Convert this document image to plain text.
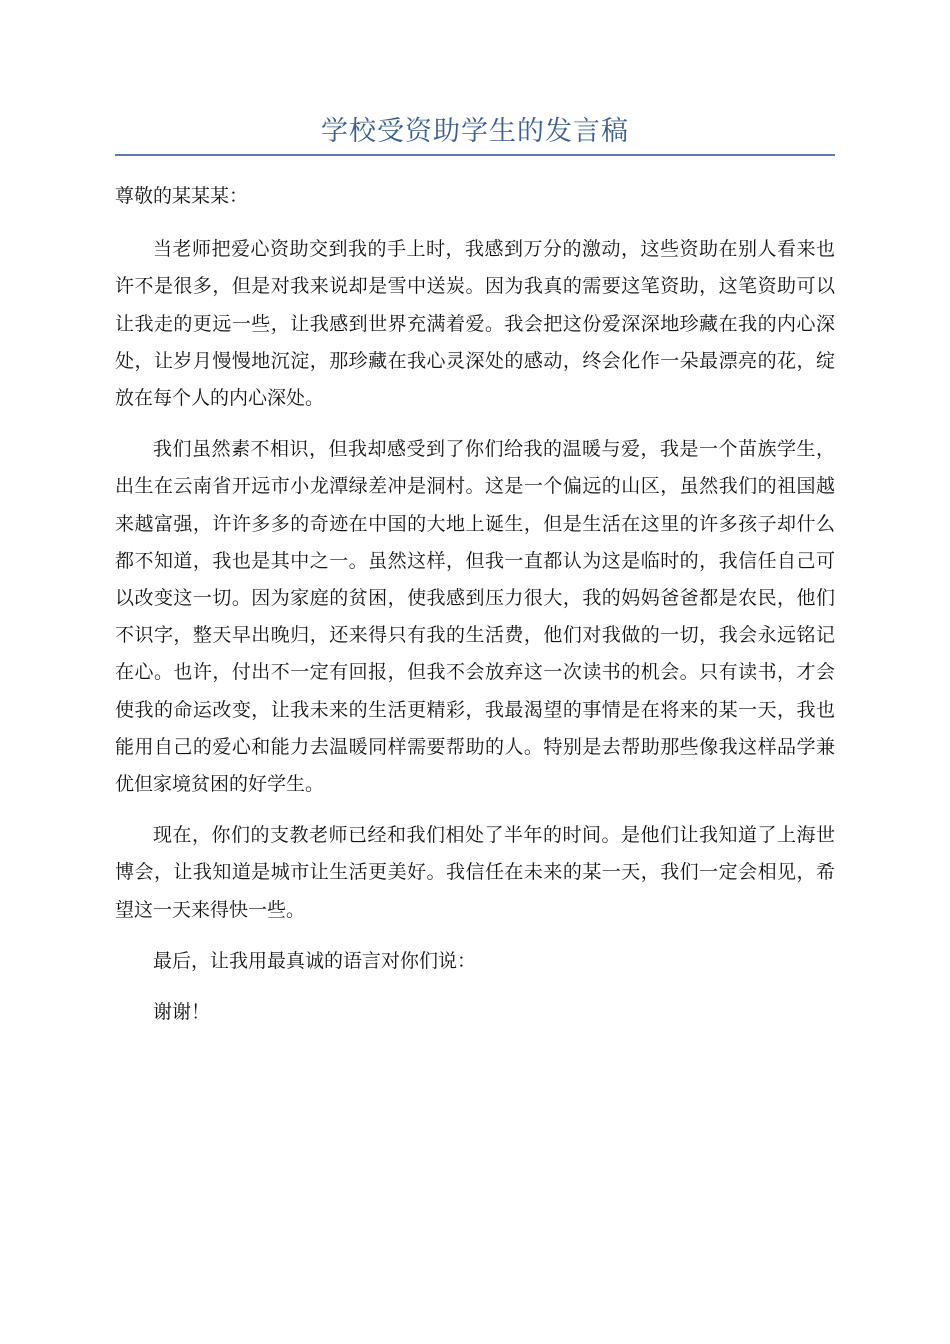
学校受资助学生的发言稿

尊敬的某某某：

当老师把爱心资助交到我的手上时，我感到万分的激动，这些资助在别人看来也许不是很多，但是对我来说却是雪中送炭。因为我真的需要这笔资助，这笔资助可以让我走的更远一些，让我感到世界充满着爱。我会把这份爱深深地珍藏在我的内心深处，让岁月慢慢地沉淀，那珍藏在我心灵深处的感动，终会化作一朵最漂亮的花，绽放在每个人的内心深处。

我们虽然素不相识，但我却感受到了你们给我的温暖与爱，我是一个苗族学生，出生在云南省开远市小龙潭绿差冲是洞村。这是一个偏远的山区，虽然我们的祖国越来越富强，许许多多的奇迹在中国的大地上诞生，但是生活在这里的许多孩子却什么都不知道，我也是其中之一。虽然这样，但我一直都认为这是临时的，我信任自己可以改变这一切。因为家庭的贫困，使我感到压力很大，我的妈妈爸爸都是农民，他们不识字，整天早出晚归，还来得只有我的生活费，他们对我做的一切，我会永远铭记在心。也许，付出不一定有回报，但我不会放弃这一次读书的机会。只有读书，才会使我的命运改变，让我未来的生活更精彩，我最渴望的事情是在将来的某一天，我也能用自己的爱心和能力去温暖同样需要帮助的人。特别是去帮助那些像我这样品学兼优但家境贫困的好学生。

现在，你们的支教老师已经和我们相处了半年的时间。是他们让我知道了上海世博会，让我知道是城市让生活更美好。我信任在未来的某一天，我们一定会相见，希望这一天来得快一些。

最后，让我用最真诚的语言对你们说：

谢谢！
